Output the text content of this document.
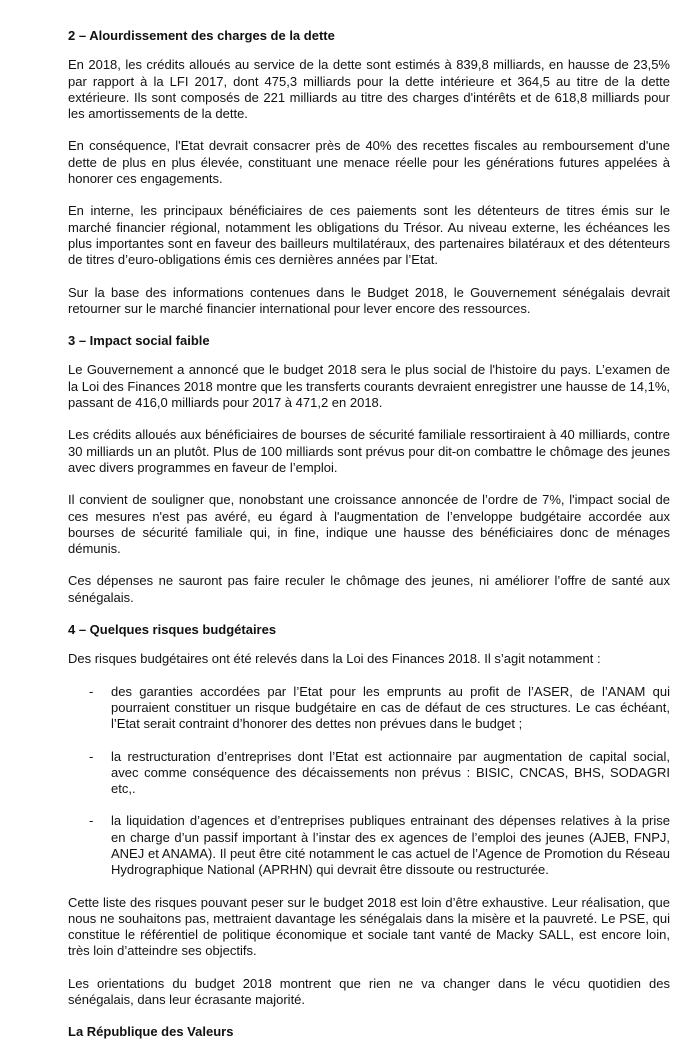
2 – Alourdissement des charges de la dette

En 2018, les crédits alloués au service de la dette sont estimés à 839,8 milliards, en hausse de 23,5% par rapport à la LFI 2017, dont 475,3 milliards pour la dette intérieure et 364,5 au titre de la dette extérieure. Ils sont composés de 221 milliards au titre des charges d'intérêts et de 618,8 milliards pour les amortissements de la dette.

En conséquence, l'Etat devrait consacrer près de 40% des recettes fiscales au remboursement d'une dette de plus en plus élevée, constituant une menace réelle pour les générations futures appelées à honorer ces engagements.

En interne, les principaux bénéficiaires de ces paiements sont les détenteurs de titres émis sur le marché financier régional, notamment les obligations du Trésor. Au niveau externe, les échéances les plus importantes sont en faveur des bailleurs multilatéraux, des partenaires bilatéraux et des détenteurs de titres d’euro-obligations émis ces dernières années par l’Etat.

Sur la base des informations contenues dans le Budget 2018, le Gouvernement sénégalais devrait retourner sur le marché financier international pour lever encore des ressources.

3 – Impact social faible

Le Gouvernement a annoncé que le budget 2018 sera le plus social de l'histoire du pays. L’examen de la Loi des Finances 2018 montre que les transferts courants devraient enregistrer une hausse de 14,1%, passant de 416,0 milliards pour 2017 à 471,2 en 2018.

Les crédits alloués aux bénéficiaires de bourses de sécurité familiale ressortiraient à 40 milliards, contre 30 milliards un an plutôt. Plus de 100 milliards sont prévus pour dit-on combattre le chômage des jeunes avec divers programmes en faveur de l’emploi.

Il convient de souligner que, nonobstant une croissance annoncée de l’ordre de 7%, l'impact social de ces mesures n'est pas avéré, eu égard à l'augmentation de l’enveloppe budgétaire accordée aux bourses de sécurité familiale qui, in fine, indique une hausse des bénéficiaires donc de ménages démunis.

Ces dépenses ne sauront pas faire reculer le chômage des jeunes, ni améliorer l’offre de santé aux sénégalais.

4 – Quelques risques budgétaires

Des risques budgétaires ont été relevés dans la Loi des Finances 2018. Il s’agit notamment :

- des garanties accordées par l’Etat pour les emprunts au profit de l’ASER, de l’ANAM qui pourraient constituer un risque budgétaire en cas de défaut de ces structures. Le cas échéant, l’Etat serait contraint d’honorer des dettes non prévues dans le budget ;
- la restructuration d’entreprises dont l’Etat est actionnaire par augmentation de capital social, avec comme conséquence des décaissements non prévus : BISIC, CNCAS, BHS, SODAGRI etc,.
- la liquidation d’agences et d’entreprises publiques entrainant des dépenses relatives à la prise en charge d’un passif important à l’instar des ex agences de l’emploi des jeunes (AJEB, FNPJ, ANEJ et ANAMA). Il peut être cité notamment le cas actuel de l’Agence de Promotion du Réseau Hydrographique National (APRHN) qui devrait être dissoute ou restructurée.

Cette liste des risques pouvant peser sur le budget 2018 est loin d’être exhaustive. Leur réalisation, que nous ne souhaitons pas, mettraient davantage les sénégalais dans la misère et la pauvreté. Le PSE, qui constitue le référentiel de politique économique et sociale tant vanté de Macky SALL, est encore loin, très loin d’atteindre ses objectifs.

Les orientations du budget 2018 montrent que rien ne va changer dans le vécu quotidien des sénégalais, dans leur écrasante majorité.

La République des Valeurs
